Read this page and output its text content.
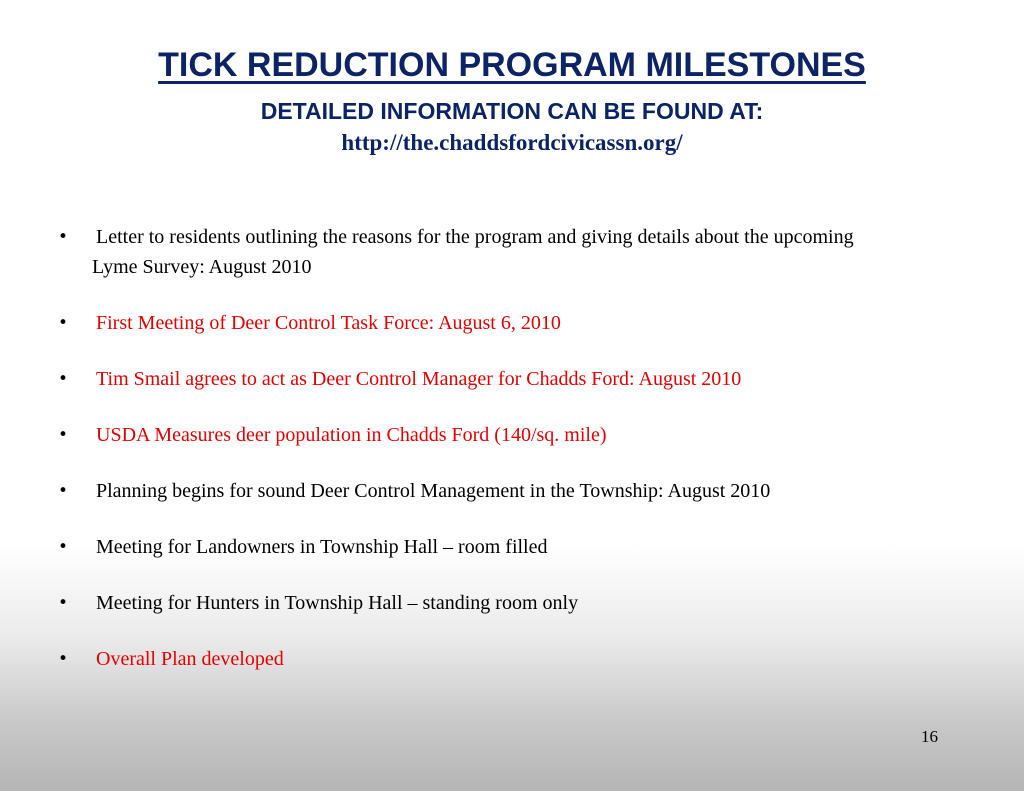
TICK REDUCTION PROGRAM MILESTONES
DETAILED INFORMATION CAN BE FOUND AT:
http://the.chaddsfordcivicassn.org/
• Letter to residents outlining the reasons for the program and giving details about the upcoming
Lyme Survey: August 2010
• First Meeting of Deer Control Task Force: August 6, 2010
• Tim Smail agrees to act as Deer Control Manager for Chadds Ford: August 2010
• USDA Measures deer population in Chadds Ford (140/sq. mile)
• Planning begins for sound Deer Control Management in the Township: August 2010
• Meeting for Landowners in Township Hall – room filled
• Meeting for Hunters in Township Hall – standing room only
• Overall Plan developed
16
